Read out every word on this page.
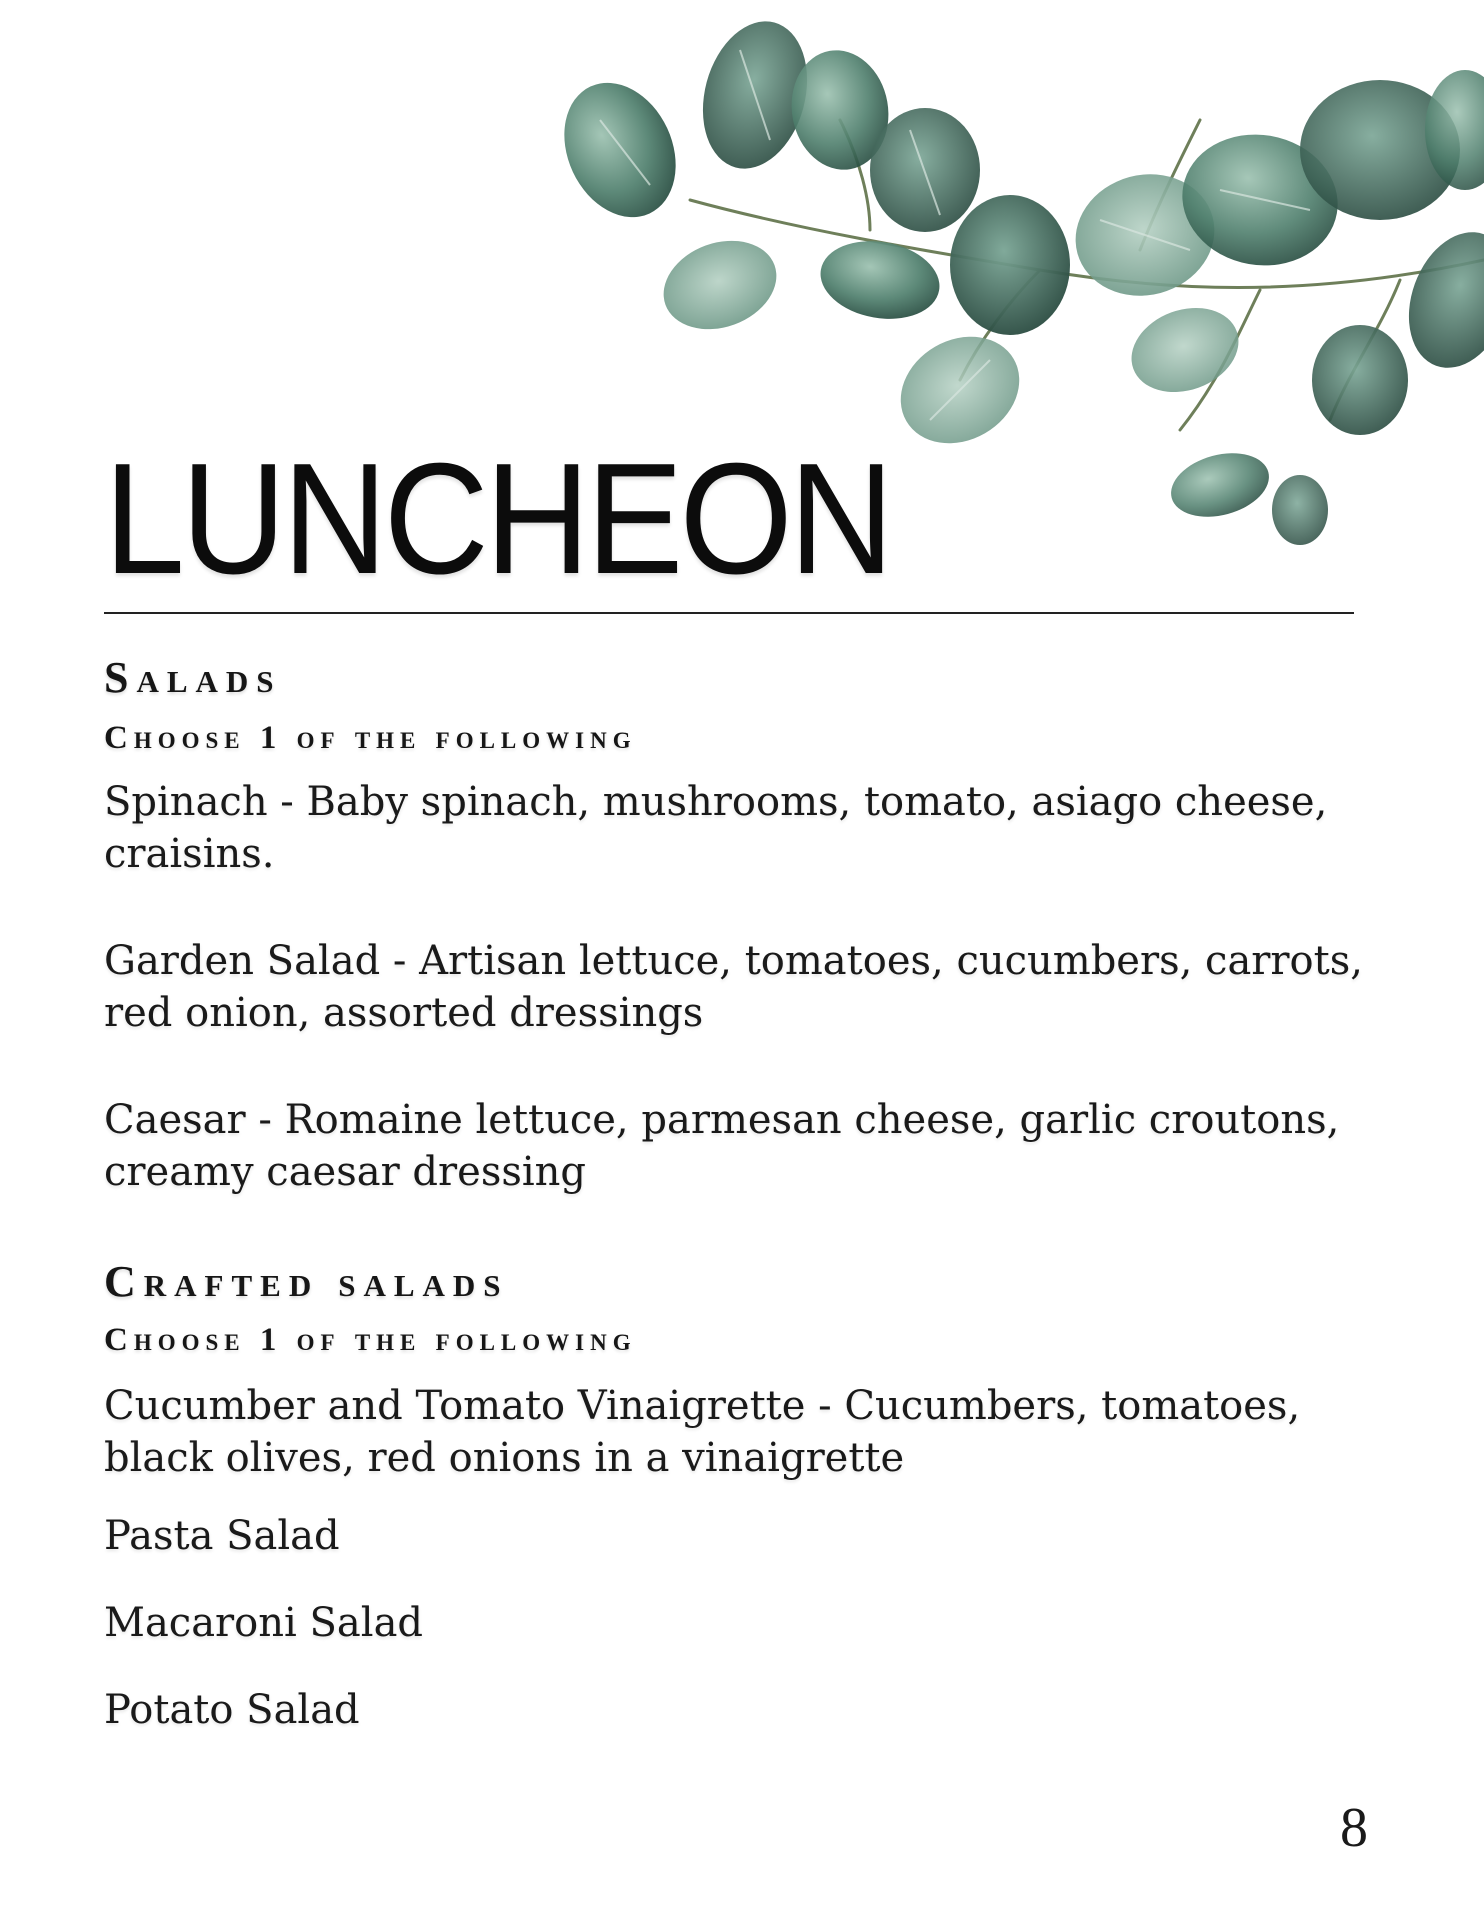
LUNCHEON
Salads
Choose 1 of the following
Spinach - Baby spinach, mushrooms, tomato, asiago cheese, craisins.
Garden Salad - Artisan lettuce, tomatoes, cucumbers, carrots, red onion, assorted dressings
Caesar - Romaine lettuce, parmesan cheese, garlic croutons, creamy caesar dressing
Crafted salads
Choose 1 of the following
Cucumber and Tomato Vinaigrette - Cucumbers, tomatoes, black olives, red onions in a vinaigrette
Pasta Salad
Macaroni Salad
Potato Salad
8
